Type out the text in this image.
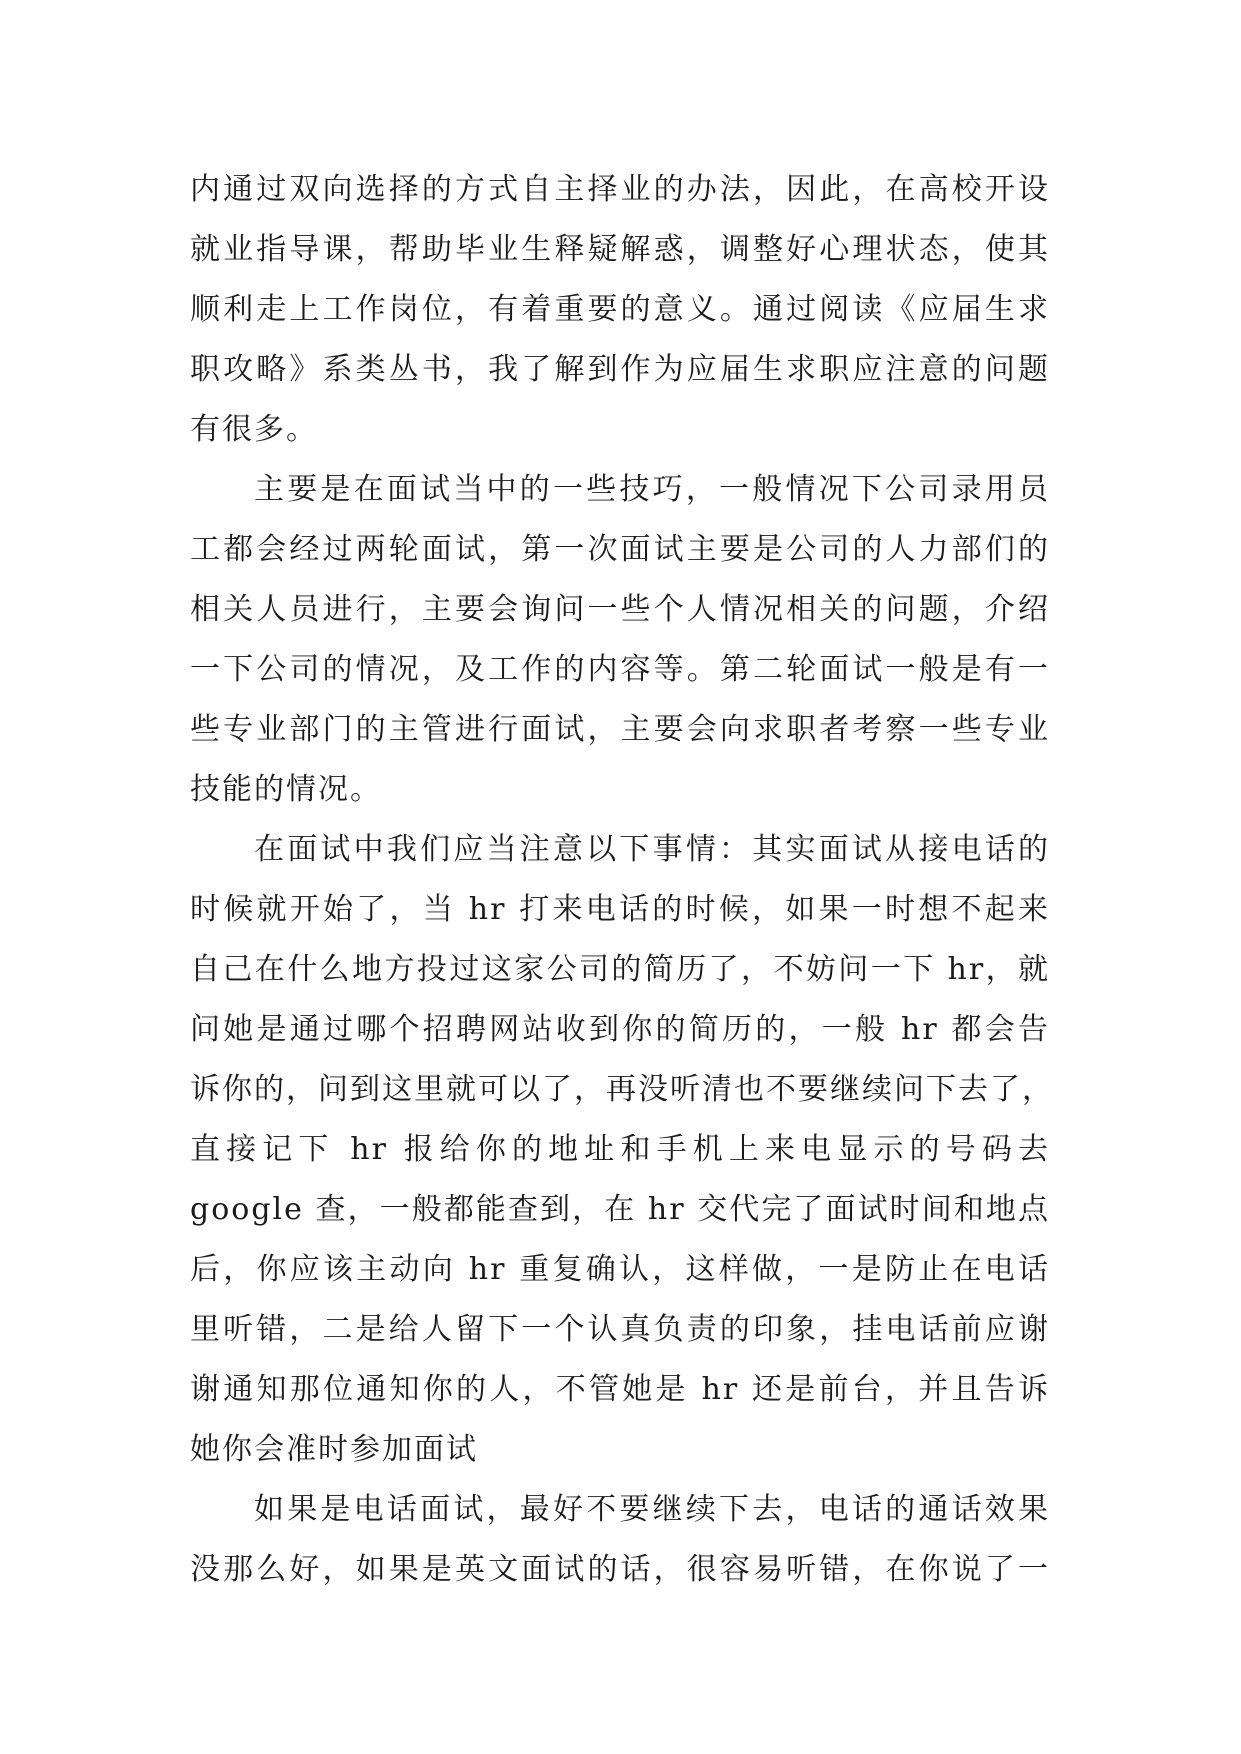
内通过双向选择的方式自主择业的办法，因此，在高校开设
就业指导课，帮助毕业生释疑解惑，调整好心理状态，使其
顺利走上工作岗位，有着重要的意义。通过阅读《应届生求
职攻略》系类丛书，我了解到作为应届生求职应注意的问题
有很多。
主要是在面试当中的一些技巧，一般情况下公司录用员
工都会经过两轮面试，第一次面试主要是公司的人力部们的
相关人员进行，主要会询问一些个人情况相关的问题，介绍
一下公司的情况，及工作的内容等。第二轮面试一般是有一
些专业部门的主管进行面试，主要会向求职者考察一些专业
技能的情况。
在面试中我们应当注意以下事情：其实面试从接电话的
时候就开始了，当 hr 打来电话的时候，如果一时想不起来
自己在什么地方投过这家公司的简历了，不妨问一下 hr，就
问她是通过哪个招聘网站收到你的简历的，一般 hr 都会告
诉你的，问到这里就可以了，再没听清也不要继续问下去了，
直接记下 hr 报给你的地址和手机上来电显示的号码去
google 查，一般都能查到，在 hr 交代完了面试时间和地点
后，你应该主动向 hr 重复确认，这样做，一是防止在电话
里听错，二是给人留下一个认真负责的印象，挂电话前应谢
谢通知那位通知你的人，不管她是 hr 还是前台，并且告诉
她你会准时参加面试
如果是电话面试，最好不要继续下去，电话的通话效果
没那么好，如果是英文面试的话，很容易听错，在你说了一
